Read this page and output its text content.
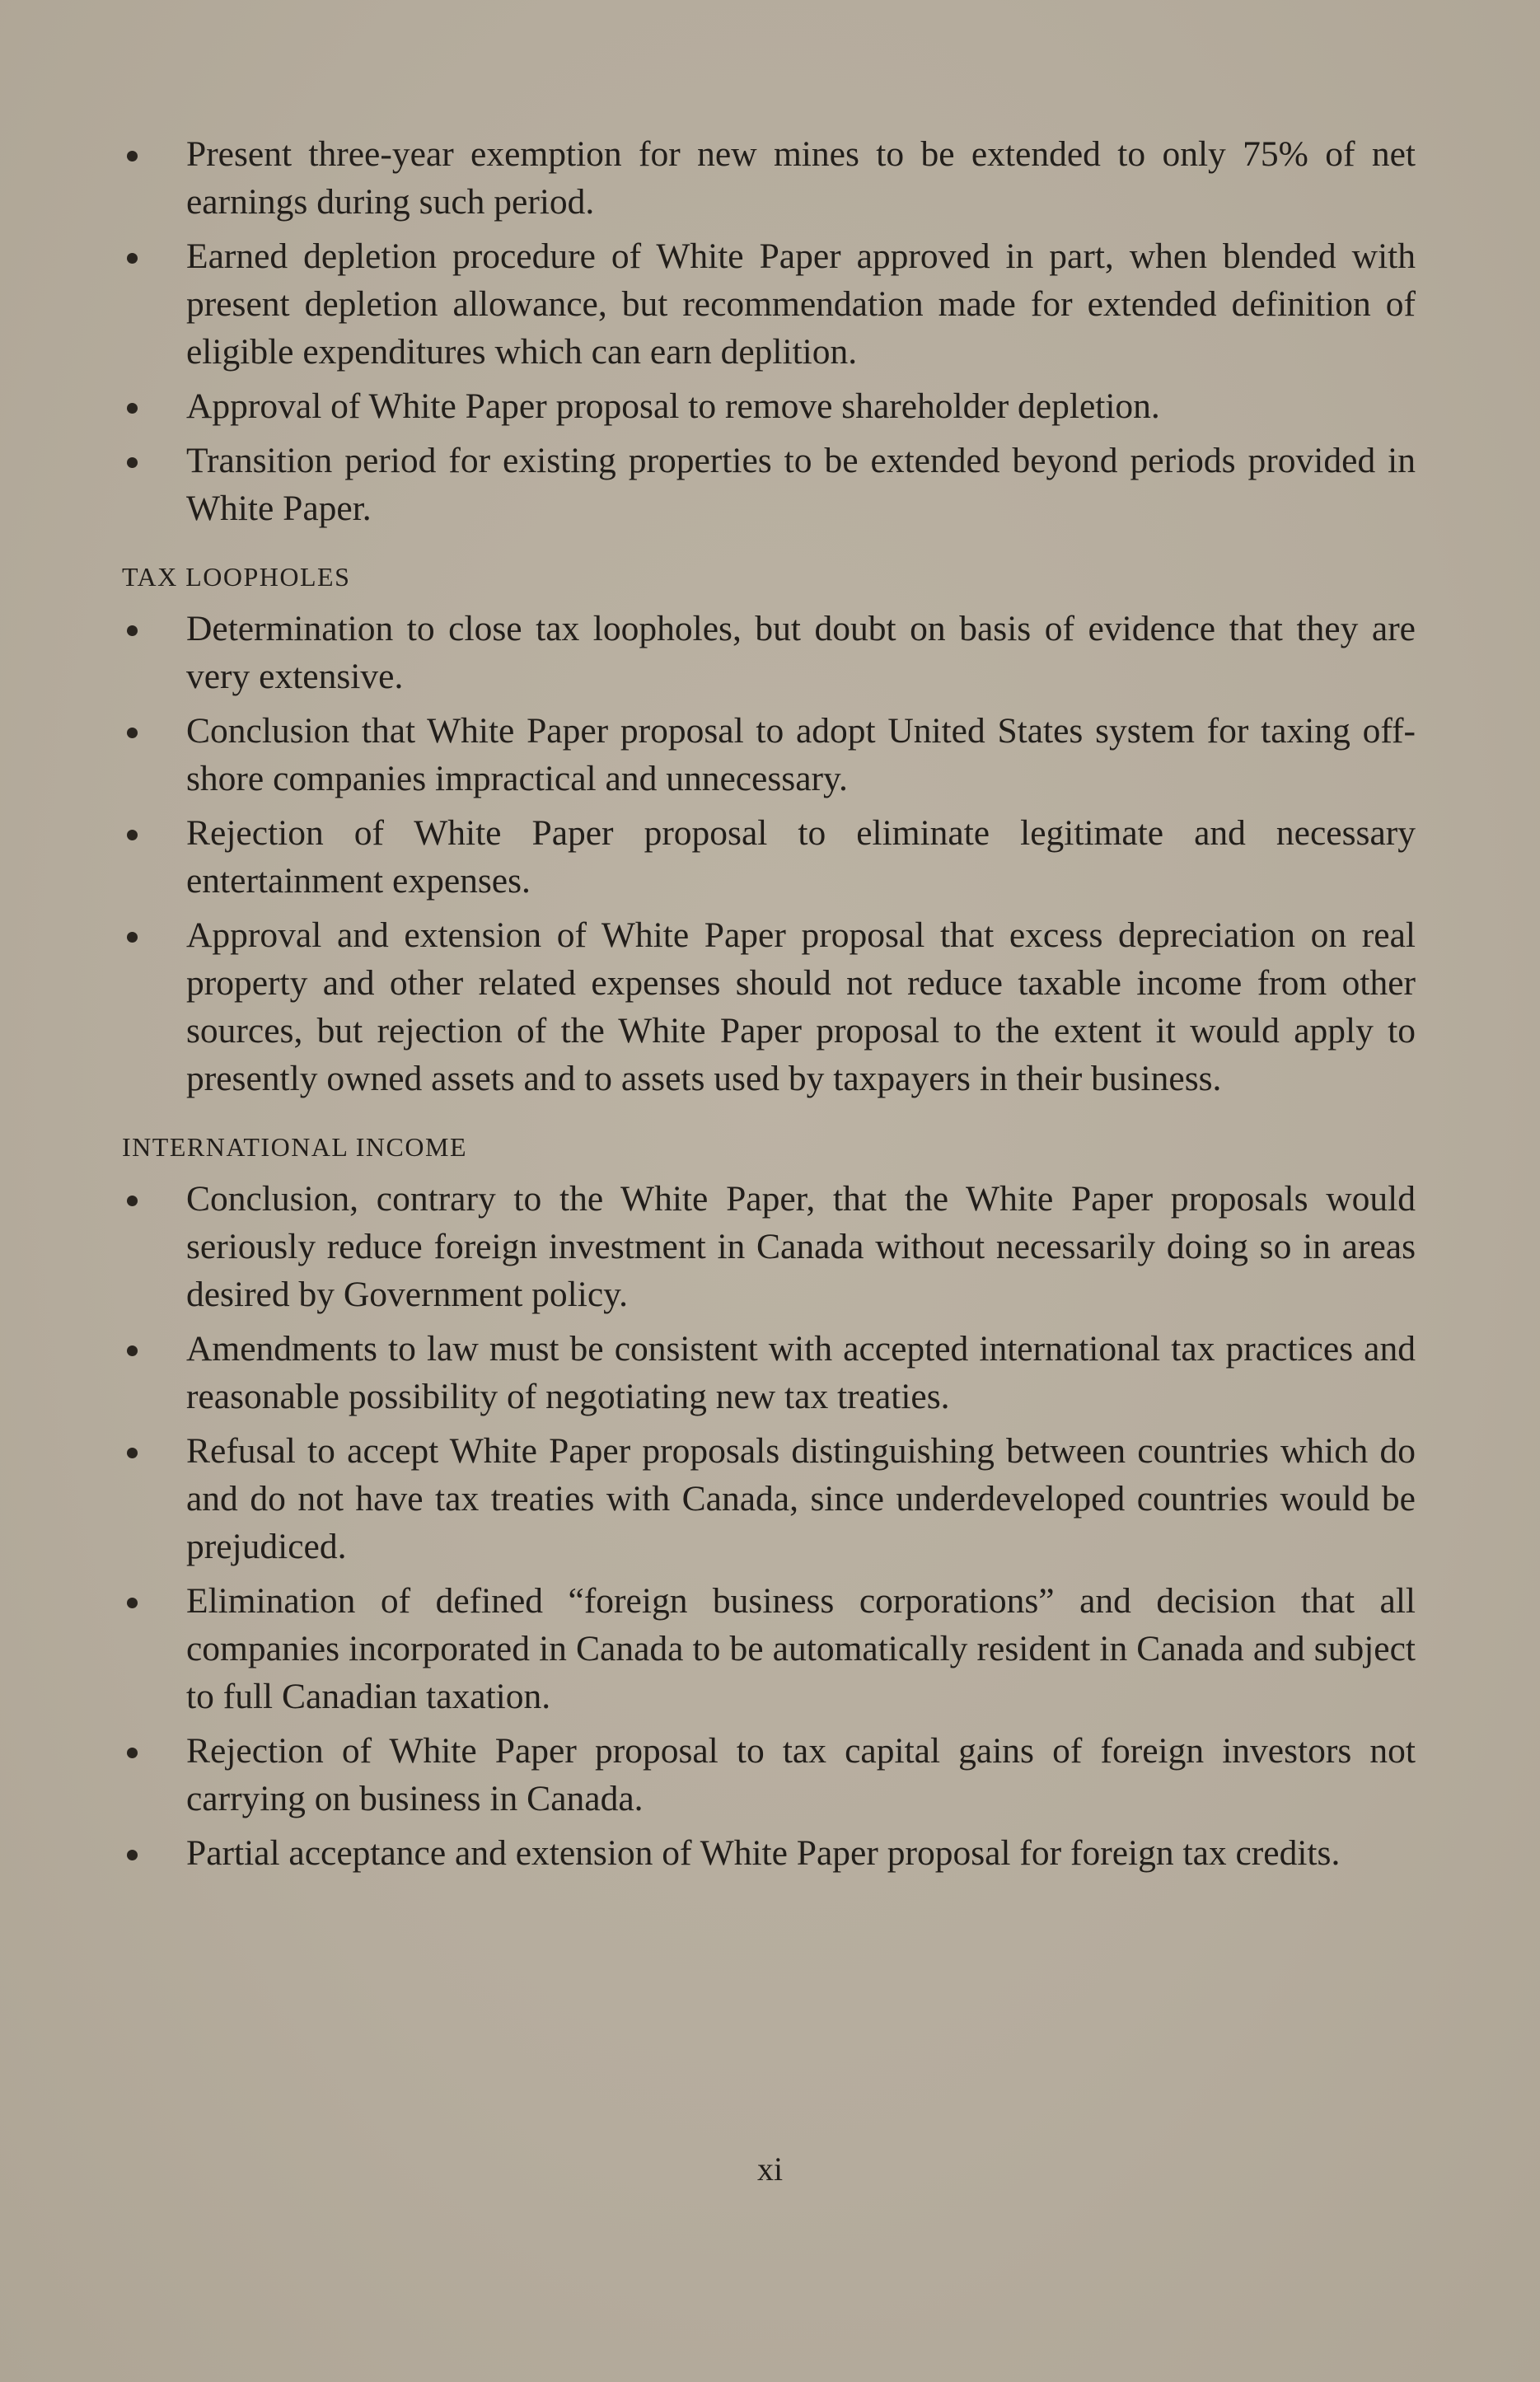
Present three-year exemption for new mines to be extended to only 75% of net earnings during such period.
Earned depletion procedure of White Paper approved in part, when blended with present depletion allowance, but recommendation made for extended definition of eligible expenditures which can earn deplition.
Approval of White Paper proposal to remove shareholder depletion.
Transition period for existing properties to be extended beyond periods provided in White Paper.
TAX LOOPHOLES
Determination to close tax loopholes, but doubt on basis of evidence that they are very extensive.
Conclusion that White Paper proposal to adopt United States system for taxing off-shore companies impractical and unnecessary.
Rejection of White Paper proposal to eliminate legitimate and necessary entertainment expenses.
Approval and extension of White Paper proposal that excess depreciation on real property and other related expenses should not reduce taxable income from other sources, but rejection of the White Paper proposal to the extent it would apply to presently owned assets and to assets used by taxpayers in their business.
INTERNATIONAL INCOME
Conclusion, contrary to the White Paper, that the White Paper proposals would seriously reduce foreign investment in Canada without necessarily doing so in areas desired by Government policy.
Amendments to law must be consistent with accepted international tax practices and reasonable possibility of negotiating new tax treaties.
Refusal to accept White Paper proposals distinguishing between countries which do and do not have tax treaties with Canada, since underdeveloped countries would be prejudiced.
Elimination of defined “foreign business corporations” and decision that all companies incorporated in Canada to be automatically resident in Canada and subject to full Canadian taxation.
Rejection of White Paper proposal to tax capital gains of foreign investors not carrying on business in Canada.
Partial acceptance and extension of White Paper proposal for foreign tax credits.
xi
